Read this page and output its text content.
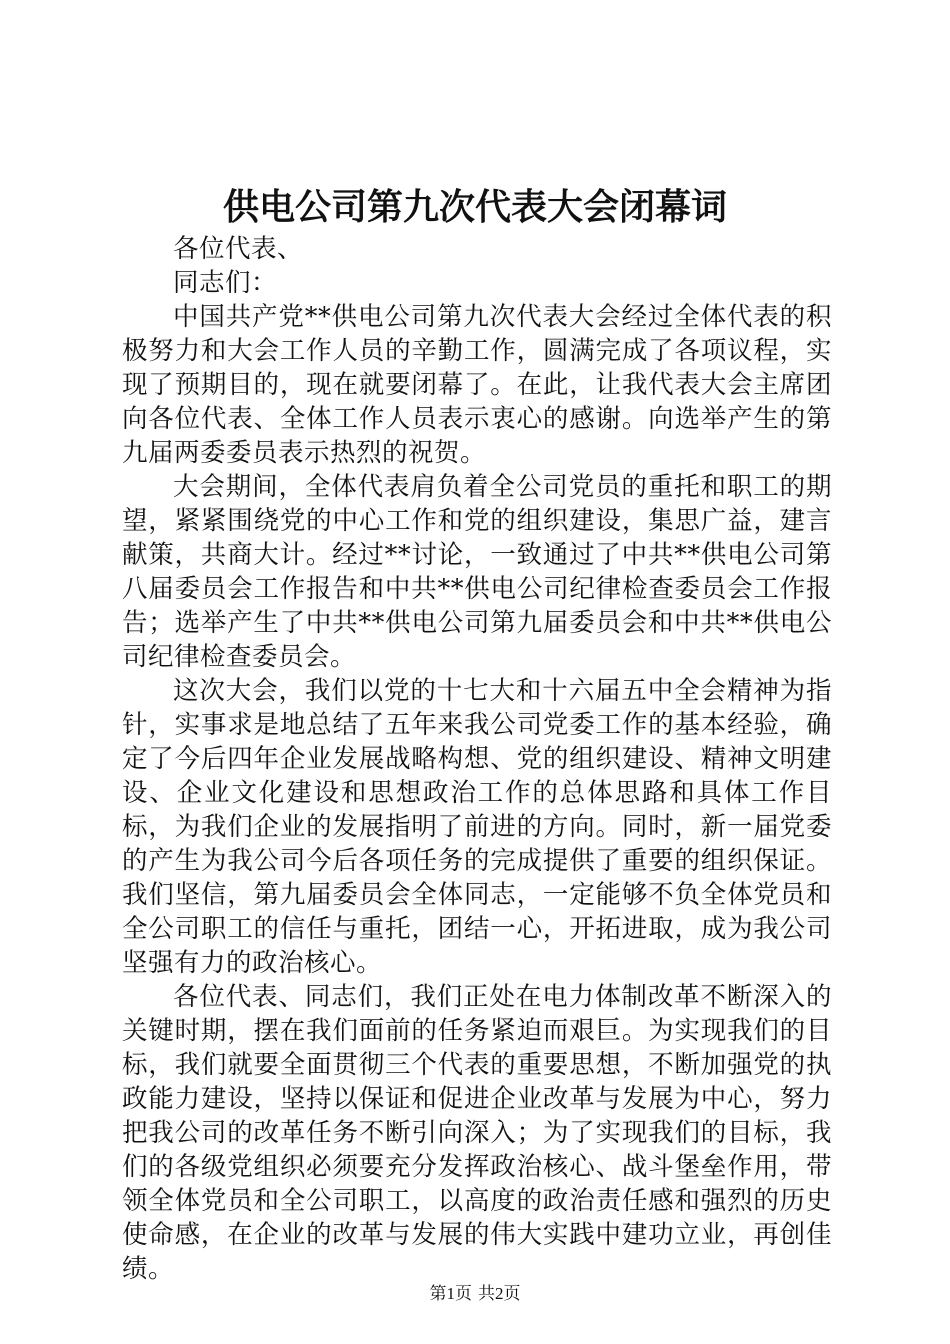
供电公司第九次代表大会闭幕词

各位代表、

同志们：

中国共产党**供电公司第九次代表大会经过全体代表的积极努力和大会工作人员的辛勤工作，圆满完成了各项议程，实现了预期目的，现在就要闭幕了。在此，让我代表大会主席团向各位代表、全体工作人员表示衷心的感谢。向选举产生的第九届两委委员表示热烈的祝贺。

大会期间，全体代表肩负着全公司党员的重托和职工的期望，紧紧围绕党的中心工作和党的组织建设，集思广益，建言献策，共商大计。经过**讨论，一致通过了中共**供电公司第八届委员会工作报告和中共**供电公司纪律检查委员会工作报告；选举产生了中共**供电公司第九届委员会和中共**供电公司纪律检查委员会。

这次大会，我们以党的十七大和十六届五中全会精神为指针，实事求是地总结了五年来我公司党委工作的基本经验，确定了今后四年企业发展战略构想、党的组织建设、精神文明建设、企业文化建设和思想政治工作的总体思路和具体工作目标，为我们企业的发展指明了前进的方向。同时，新一届党委的产生为我公司今后各项任务的完成提供了重要的组织保证。我们坚信，第九届委员会全体同志，一定能够不负全体党员和全公司职工的信任与重托，团结一心，开拓进取，成为我公司坚强有力的政治核心。

各位代表、同志们，我们正处在电力体制改革不断深入的关键时期，摆在我们面前的任务紧迫而艰巨。为实现我们的目标，我们就要全面贯彻三个代表的重要思想，不断加强党的执政能力建设，坚持以保证和促进企业改革与发展为中心，努力把我公司的改革任务不断引向深入；为了实现我们的目标，我们的各级党组织必须要充分发挥政治核心、战斗堡垒作用，带领全体党员和全公司职工，以高度的政治责任感和强烈的历史使命感，在企业的改革与发展的伟大实践中建功立业，再创佳绩。

第1页 共2页
